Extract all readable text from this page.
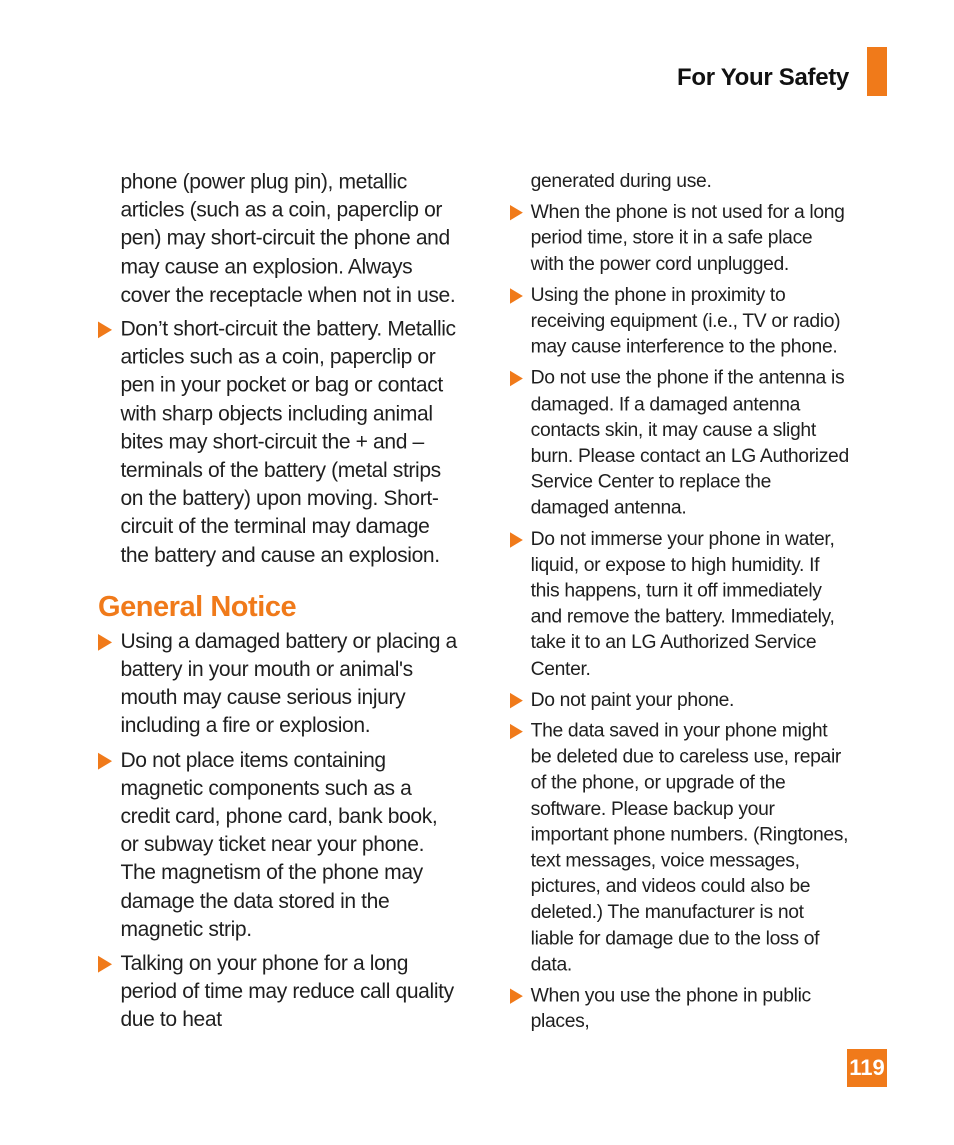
For Your Safety

phone (power plug pin), metallic articles (such as a coin, paperclip or pen) may short-circuit the phone and may cause an explosion. Always cover the receptacle when not in use.

Don’t short-circuit the battery. Metallic articles such as a coin, paperclip or pen in your pocket or bag or contact with sharp objects including animal bites may short-circuit the + and – terminals of the battery (metal strips on the battery) upon moving. Short-circuit of the terminal may damage the battery and cause an explosion.

General Notice

Using a damaged battery or placing a battery in your mouth or animal's mouth may cause serious injury including a fire or explosion.

Do not place items containing magnetic components such as a credit card, phone card, bank book, or subway ticket near your phone. The magnetism of the phone may damage the data stored in the magnetic strip.

Talking on your phone for a long period of time may reduce call quality due to heat

generated during use.

When the phone is not used for a long period time, store it in a safe place with the power cord unplugged.

Using the phone in proximity to receiving equipment (i.e., TV or radio) may cause interference to the phone.

Do not use the phone if the antenna is damaged. If a damaged antenna contacts skin, it may cause a slight burn. Please contact an LG Authorized Service Center to replace the damaged antenna.

Do not immerse your phone in water, liquid, or expose to high humidity. If this happens, turn it off immediately and remove the battery. Immediately, take it to an LG Authorized Service Center.

Do not paint your phone.

The data saved in your phone might be deleted due to careless use, repair of the phone, or upgrade of the software. Please backup your important phone numbers. (Ringtones, text messages, voice messages, pictures, and videos could also be deleted.) The manufacturer is not liable for damage due to the loss of data.

When you use the phone in public places,

119
